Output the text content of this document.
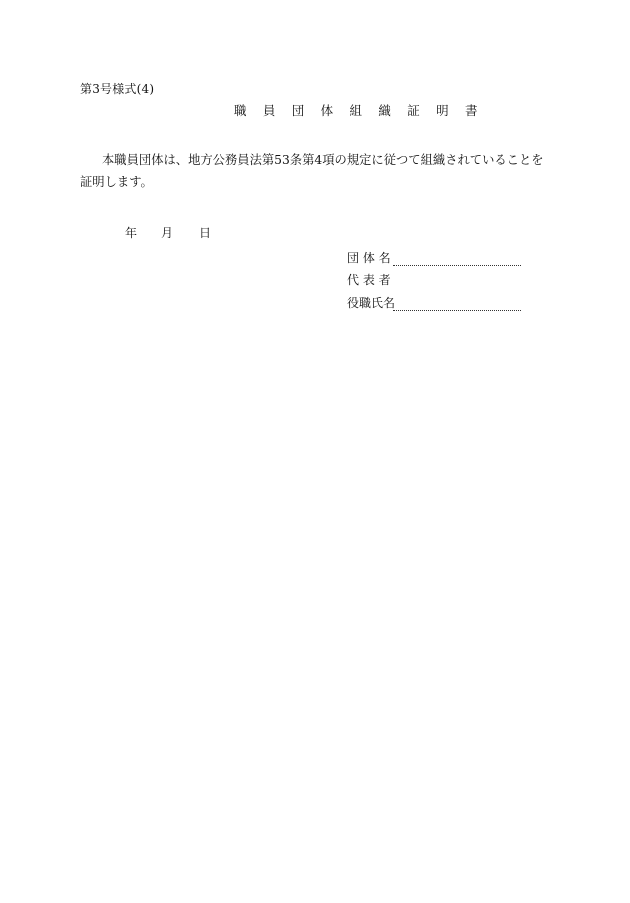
第3号様式(4)
職 員 団 体 組 織 証 明 書

本職員団体は、地方公務員法第53条第4項の規定に従つて組織されていることを証明します。

年 月 日
団 体 名
代 表 者
役職氏名
